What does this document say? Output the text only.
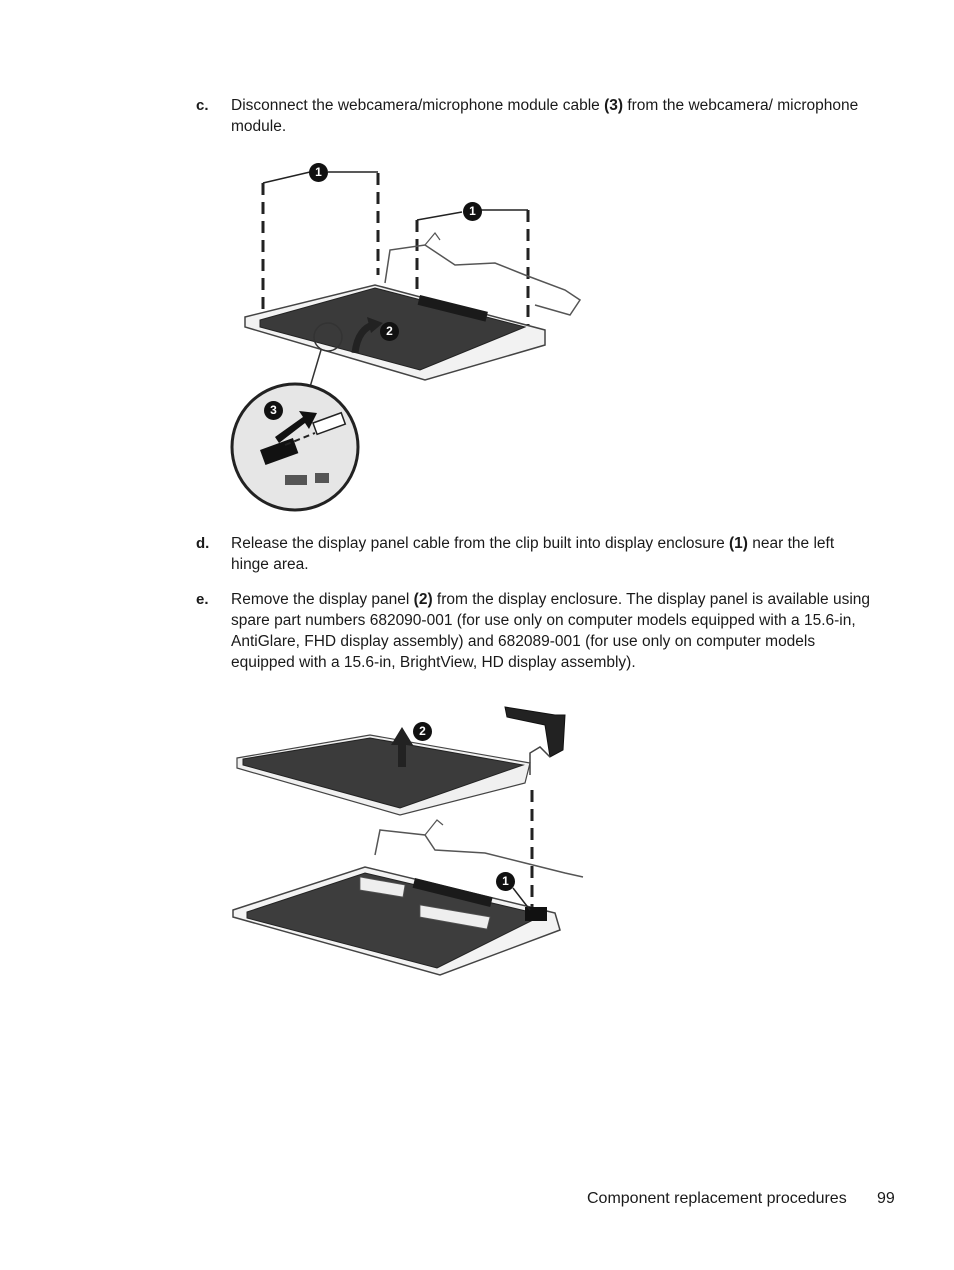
c. Disconnect the webcamera/microphone module cable (3) from the webcamera/ microphone module.
1
1
2
3
d. Release the display panel cable from the clip built into display enclosure (1) near the left hinge area.
e. Remove the display panel (2) from the display enclosure. The display panel is available using spare part numbers 682090-001 (for use only on computer models equipped with a 15.6-in, AntiGlare, FHD display assembly) and 682089-001 (for use only on computer models equipped with a 15.6-in, BrightView, HD display assembly).
2
1
Component replacement procedures 99
